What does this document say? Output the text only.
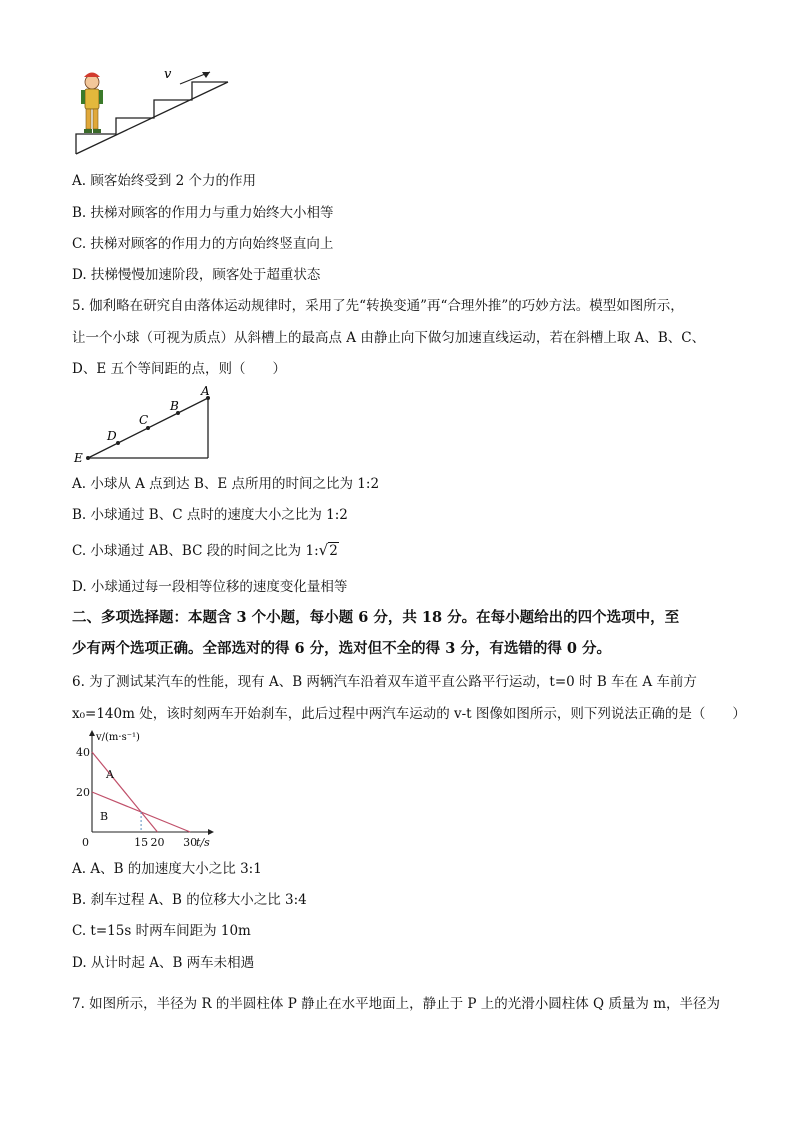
v
A. 顾客始终受到 2 个力的作用
B. 扶梯对顾客的作用力与重力始终大小相等
C. 扶梯对顾客的作用力的方向始终竖直向上
D. 扶梯慢慢加速阶段，顾客处于超重状态
5. 伽利略在研究自由落体运动规律时，采用了先“转换变通”再“合理外推”的巧妙方法。模型如图所示，
让一个小球（可视为质点）从斜槽上的最高点 A 由静止向下做匀加速直线运动，若在斜槽上取 A、B、C、
D、E 五个等间距的点，则（　　）
A
B
C
D
E
A. 小球从 A 点到达 B、E 点所用的时间之比为 1:2
B. 小球通过 B、C 点时的速度大小之比为 1:2
C. 小球通过 AB、BC 段的时间之比为 1:√2
D. 小球通过每一段相等位移的速度变化量相等
二、多项选择题：本题含 3 个小题，每小题 6 分，共 18 分。在每小题给出的四个选项中，至
少有两个选项正确。全部选对的得 6 分，选对但不全的得 3 分，有选错的得 0 分。
6. 为了测试某汽车的性能，现有 A、B 两辆汽车沿着双车道平直公路平行运动，t=0 时 B 车在 A 车前方
x₀=140m 处，该时刻两车开始刹车，此后过程中两汽车运动的 v-t 图像如图所示，则下列说法正确的是（　　）
v/(m·s⁻¹)
t/s
20
40
0	15 20 30
A
B
A. A、B 的加速度大小之比 3:1
B. 刹车过程 A、B 的位移大小之比 3:4
C. t=15s 时两车间距为 10m
D. 从计时起 A、B 两车未相遇
7. 如图所示，半径为 R 的半圆柱体 P 静止在水平地面上，静止于 P 上的光滑小圆柱体 Q 质量为 m，半径为
